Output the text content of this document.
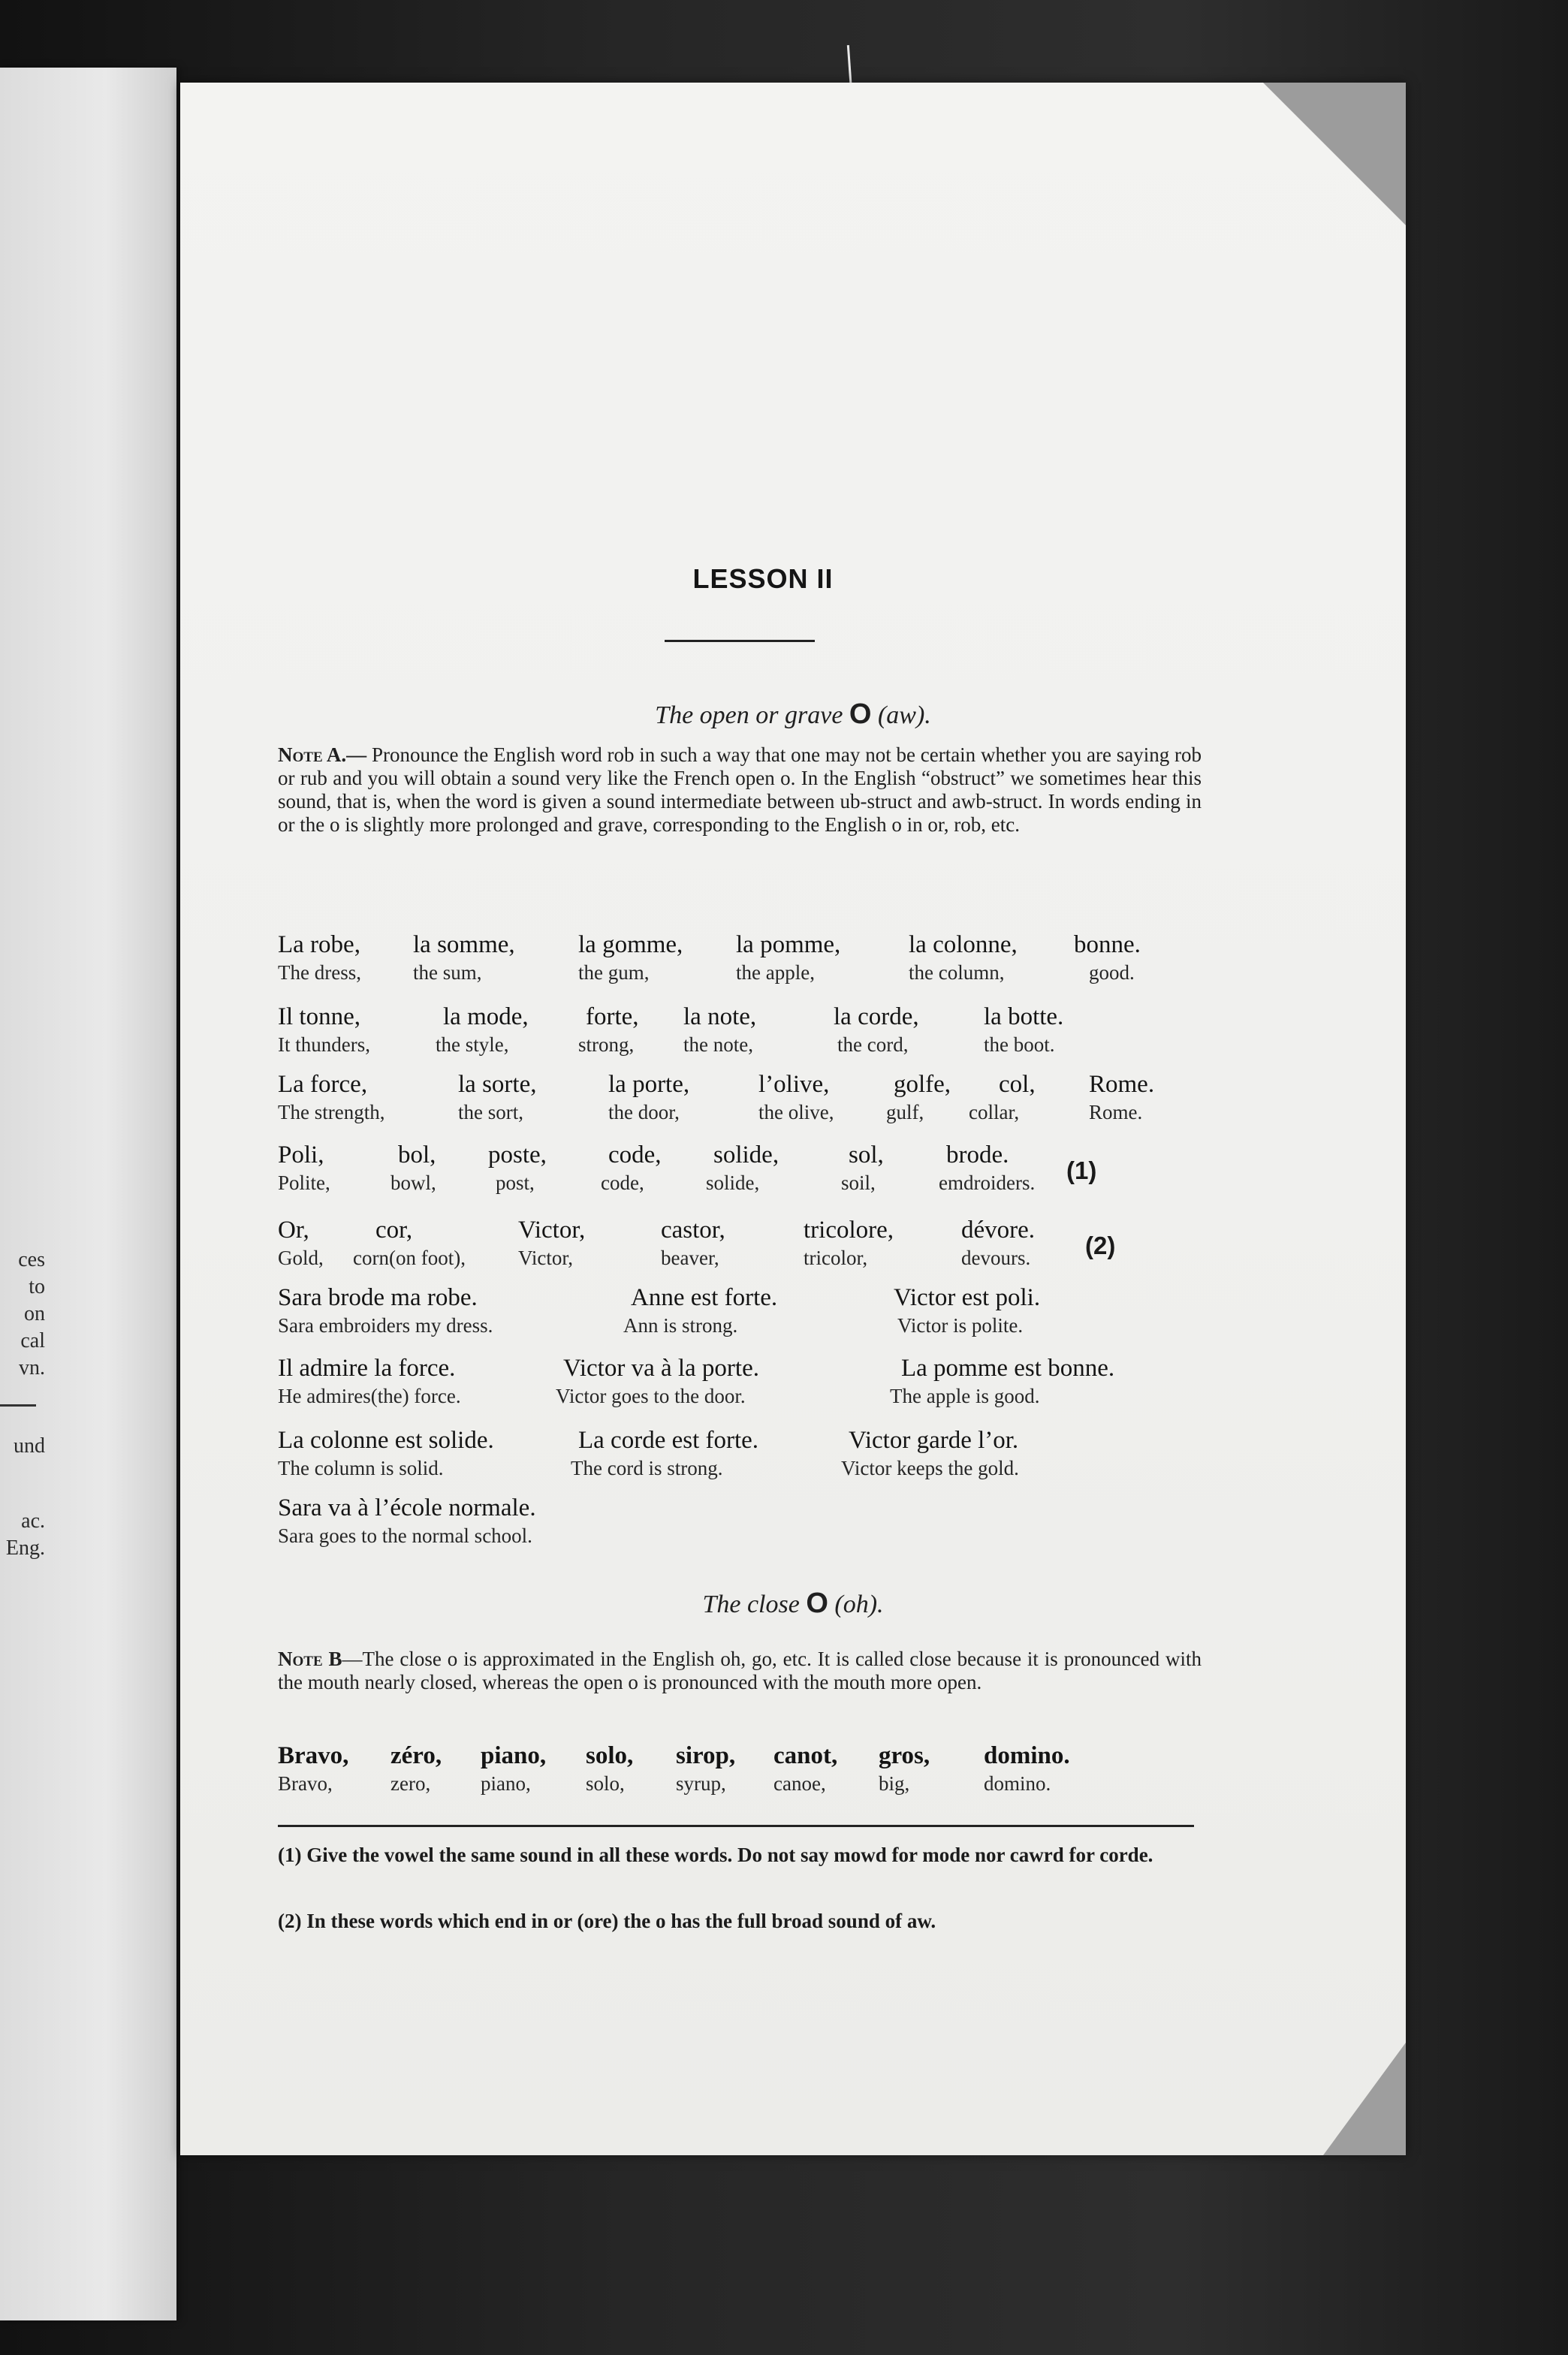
ces
to
on
cal
vn.
und
ac.
Eng.
LESSON II
The open or grave O (aw).
Note A.— Pronounce the English word rob in such a way that one may not be certain whether you are saying rob or rub and you will obtain a sound very like the French open o. In the English “obstruct” we sometimes hear this sound, that is, when the word is given a sound intermediate between ub-struct and awb-struct. In words ending in or the o is slightly more prolonged and grave, corresponding to the English o in or, rob, etc.
La robe, la somme,	la gomme, la pomme,	la colonne, bonne.
The dress,	the sum,	the gum,	the apple,	the column,	good.
Il tonne,	la mode, forte, la note,	la corde,	la botte.
It thunders,	the style,	strong, the note,	the cord,	the boot.
La force,	la sorte,	la porte,	l’olive,	golfe, col, Rome.
The strength,	the sort,	the door,	the olive,	gulf, collar,	Rome.
Poli,	bol, poste, code, solide,	sol,	brode.
Polite,	bowl,	post,	code,	solide,	soil,	emdroiders. (1)
Or,	cor,	Victor,	castor,	tricolore,	dévore.
Gold, corn(on foot),	Victor,	beaver,	tricolor,	devours. (2)
Sara brode ma robe.	Anne est forte.	Victor est poli.
Sara embroiders my dress.	Ann is strong.	Victor is polite.
Il admire la force.	Victor va à la porte.	La pomme est bonne.
He admires(the) force.	Victor goes to the door.	The apple is good.
La colonne est solide.	La corde est forte.	Victor garde l’or.
The column is solid.	The cord is strong.	Victor keeps the gold.
Sara va à l’école normale.
Sara goes to the normal school.
The close O (oh).
Note B—The close o is approximated in the English oh, go, etc. It is called close because it is pronounced with the mouth nearly closed, whereas the open o is pronounced with the mouth more open.
Bravo, zéro, piano, solo, sirop, canot, gros, domino.
Bravo,	zero, piano,	solo,	syrup, canoe,	big,	domino.
(1) Give the vowel the same sound in all these words. Do not say mowd for mode nor cawrd for corde.
(2) In these words which end in or (ore) the o has the full broad sound of aw.
